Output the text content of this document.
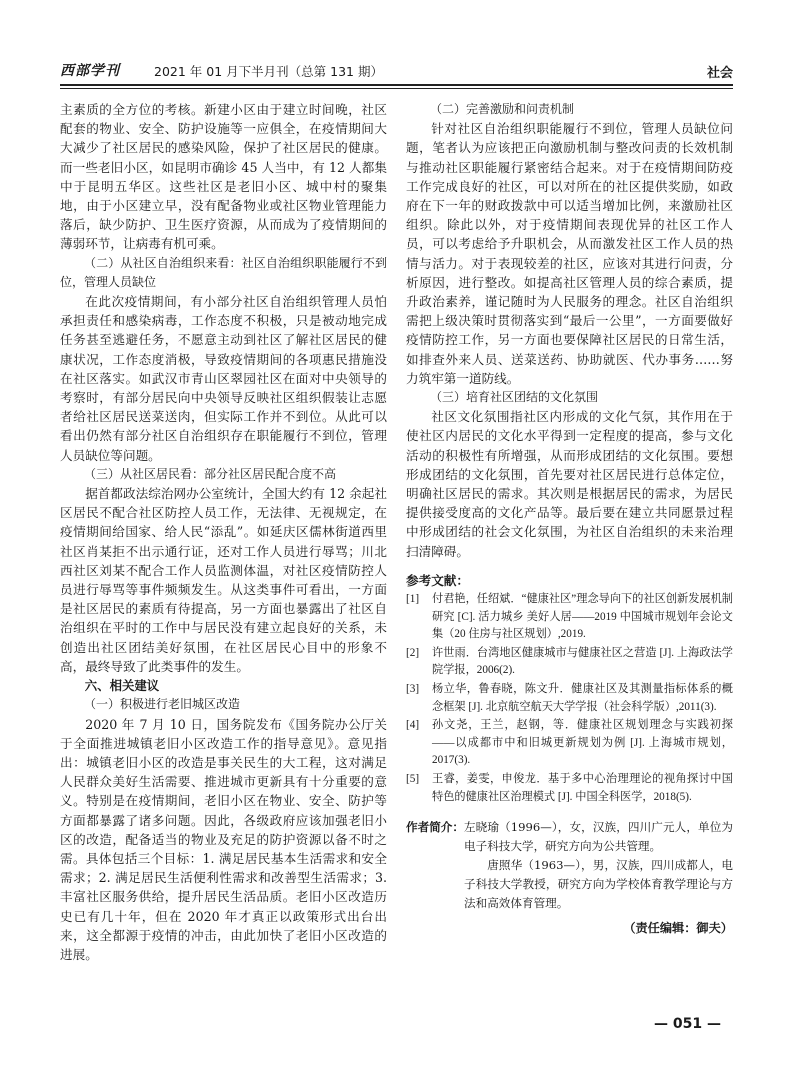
西部学刊	2021 年 01 月下半月刊（总第 131 期）	社会

主素质的全方位的考核。新建小区由于建立时间晚，社区配套的物业、安全、防护设施等一应俱全，在疫情期间大大减少了社区居民的感染风险，保护了社区居民的健康。而一些老旧小区，如昆明市确诊 45 人当中，有 12 人都集中于昆明五华区。这些社区是老旧小区、城中村的聚集地，由于小区建立早，没有配备物业或社区物业管理能力落后，缺少防护、卫生医疗资源，从而成为了疫情期间的薄弱环节，让病毒有机可乘。

（二）从社区自治组织来看：社区自治组织职能履行不到位，管理人员缺位

在此次疫情期间，有小部分社区自治组织管理人员怕承担责任和感染病毒，工作态度不积极，只是被动地完成任务甚至逃避任务，不愿意主动到社区了解社区居民的健康状况，工作态度消极，导致疫情期间的各项惠民措施没在社区落实。如武汉市青山区翠园社区在面对中央领导的考察时，有部分居民向中央领导反映社区组织假装让志愿者给社区居民送菜送肉，但实际工作并不到位。从此可以看出仍然有部分社区自治组织存在职能履行不到位，管理人员缺位等问题。

（三）从社区居民看：部分社区居民配合度不高

据首都政法综治网办公室统计，全国大约有 12 余起社区居民不配合社区防控人员工作，无法律、无视规定，在疫情期间给国家、给人民“添乱”。如延庆区儒林街道西里社区肖某拒不出示通行证，还对工作人员进行辱骂；川北西社区刘某不配合工作人员监测体温，对社区疫情防控人员进行辱骂等事件频频发生。从这类事件可看出，一方面是社区居民的素质有待提高，另一方面也暴露出了社区自治组织在平时的工作中与居民没有建立起良好的关系，未创造出社区团结美好氛围，在社区居民心目中的形象不高，最终导致了此类事件的发生。

六、相关建议

（一）积极进行老旧城区改造

2020 年 7 月 10 日，国务院发布《国务院办公厅关于全面推进城镇老旧小区改造工作的指导意见》。意见指出：城镇老旧小区的改造是事关民生的大工程，这对满足人民群众美好生活需要、推进城市更新具有十分重要的意义。特别是在疫情期间，老旧小区在物业、安全、防护等方面都暴露了诸多问题。因此，各级政府应该加强老旧小区的改造，配备适当的物业及充足的防护资源以备不时之需。具体包括三个目标：1. 满足居民基本生活需求和安全需求；2. 满足居民生活便利性需求和改善型生活需求；3. 丰富社区服务供给，提升居民生活品质。老旧小区改造历史已有几十年，但在 2020 年才真正以政策形式出台出来，这全都源于疫情的冲击，由此加快了老旧小区改造的进展。

（二）完善激励和问责机制

针对社区自治组织职能履行不到位，管理人员缺位问题，笔者认为应该把正向激励机制与整改问责的长效机制与推动社区职能履行紧密结合起来。对于在疫情期间防疫工作完成良好的社区，可以对所在的社区提供奖励，如政府在下一年的财政拨款中可以适当增加比例，来激励社区组织。除此以外，对于疫情期间表现优异的社区工作人员，可以考虑给予升职机会，从而激发社区工作人员的热情与活力。对于表现较差的社区，应该对其进行问责，分析原因，进行整改。如提高社区管理人员的综合素质，提升政治素养，谨记随时为人民服务的理念。社区自治组织需把上级决策时贯彻落实到“最后一公里”，一方面要做好疫情防控工作，另一方面也要保障社区居民的日常生活，如排查外来人员、送菜送药、协助就医、代办事务……努力筑牢第一道防线。

（三）培育社区团结的文化氛围

社区文化氛围指社区内形成的文化气氛，其作用在于使社区内居民的文化水平得到一定程度的提高，参与文化活动的积极性有所增强，从而形成团结的文化氛围。要想形成团结的文化氛围，首先要对社区居民进行总体定位，明确社区居民的需求。其次则是根据居民的需求，为居民提供接受度高的文化产品等。最后要在建立共同愿景过程中形成团结的社会文化氛围，为社区自治组织的未来治理扫清障碍。

参考文献：
[1]	付君艳，任绍斌．“健康社区”理念导向下的社区创新发展机制研究 [C]. 活力城乡 美好人居——2019 中国城市规划年会论文集（20 住房与社区规划）,2019.
[2]	许世雨．台湾地区健康城市与健康社区之营造 [J]. 上海政法学院学报，2006(2).
[3]	杨立华，鲁春晓，陈文升．健康社区及其测量指标体系的概念框架 [J]. 北京航空航天大学学报（社会科学版）,2011(3).
[4]	孙文尧，王兰，赵钢，等．健康社区规划理念与实践初探——以成都市中和旧城更新规划为例 [J]. 上海城市规划，2017(3).
[5]	王睿，姜雯，申俊龙．基于多中心治理理论的视角探讨中国特色的健康社区治理模式 [J]. 中国全科医学，2018(5).
作者简介： 左晓瑜（1996—），女，汉族，四川广元人，单位为电子科技大学，研究方向为公共管理。

唐照华（1963—），男，汉族，四川成都人，电子科技大学教授，研究方向为学校体育教学理论与方法和高效体育管理。

（责任编辑：御夫）
— 051 —
